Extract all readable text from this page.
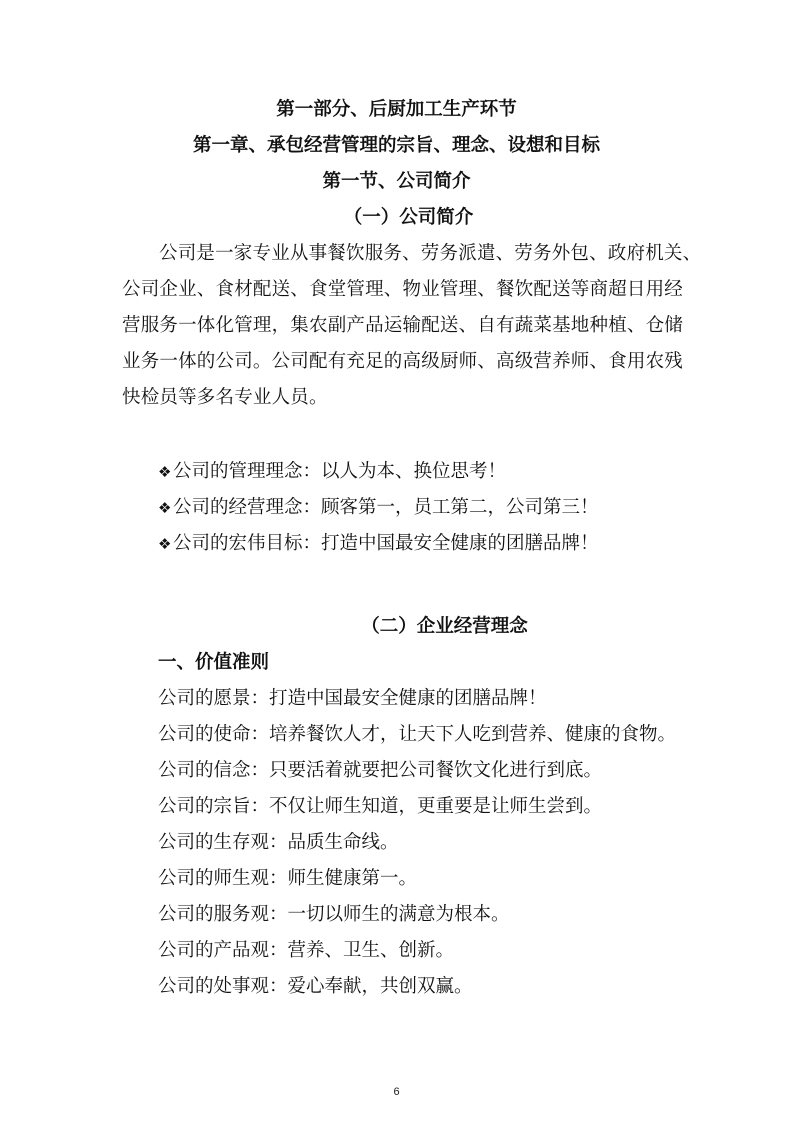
第一部分、后厨加工生产环节
第一章、承包经营管理的宗旨、理念、设想和目标
第一节、公司简介
（一）公司简介
公司是一家专业从事餐饮服务、劳务派遣、劳务外包、政府机关、
公司企业、食材配送、食堂管理、物业管理、餐饮配送等商超日用经
营服务一体化管理，集农副产品运输配送、自有蔬菜基地种植、仓储
业务一体的公司。公司配有充足的高级厨师、高级营养师、食用农残
快检员等多名专业人员。
❖公司的管理理念：以人为本、换位思考！
❖公司的经营理念：顾客第一，员工第二，公司第三！
❖公司的宏伟目标：打造中国最安全健康的团膳品牌！
（二）企业经营理念
一、价值准则
公司的愿景：打造中国最安全健康的团膳品牌！
公司的使命：培养餐饮人才，让天下人吃到营养、健康的食物。
公司的信念：只要活着就要把公司餐饮文化进行到底。
公司的宗旨：不仅让师生知道，更重要是让师生尝到。
公司的生存观：品质生命线。
公司的师生观：师生健康第一。
公司的服务观：一切以师生的满意为根本。
公司的产品观：营养、卫生、创新。
公司的处事观：爱心奉献，共创双赢。
6
